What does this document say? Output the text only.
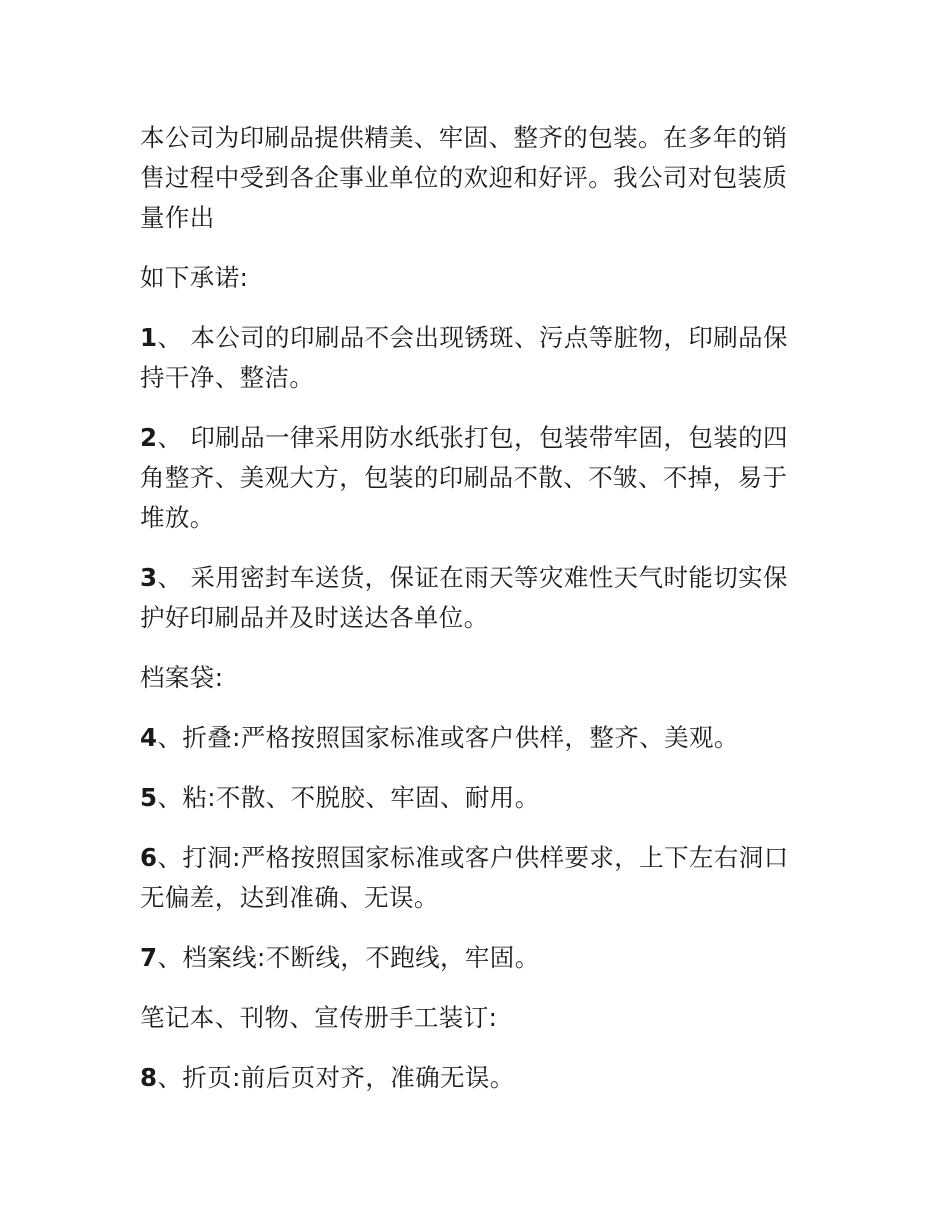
本公司为印刷品提供精美、牢固、整齐的包装。在多年的销售过程中受到各企事业单位的欢迎和好评。我公司对包装质量作出

如下承诺:

1、 本公司的印刷品不会出现锈斑、污点等脏物，印刷品保持干净、整洁。

2、 印刷品一律采用防水纸张打包，包装带牢固，包装的四角整齐、美观大方，包装的印刷品不散、不皱、不掉，易于堆放。

3、 采用密封车送货，保证在雨天等灾难性天气时能切实保护好印刷品并及时送达各单位。

档案袋:

4、折叠:严格按照国家标准或客户供样，整齐、美观。

5、粘:不散、不脱胶、牢固、耐用。

6、打洞:严格按照国家标准或客户供样要求，上下左右洞口无偏差，达到准确、无误。

7、档案线:不断线，不跑线，牢固。

笔记本、刊物、宣传册手工装订:

8、折页:前后页对齐，准确无误。
